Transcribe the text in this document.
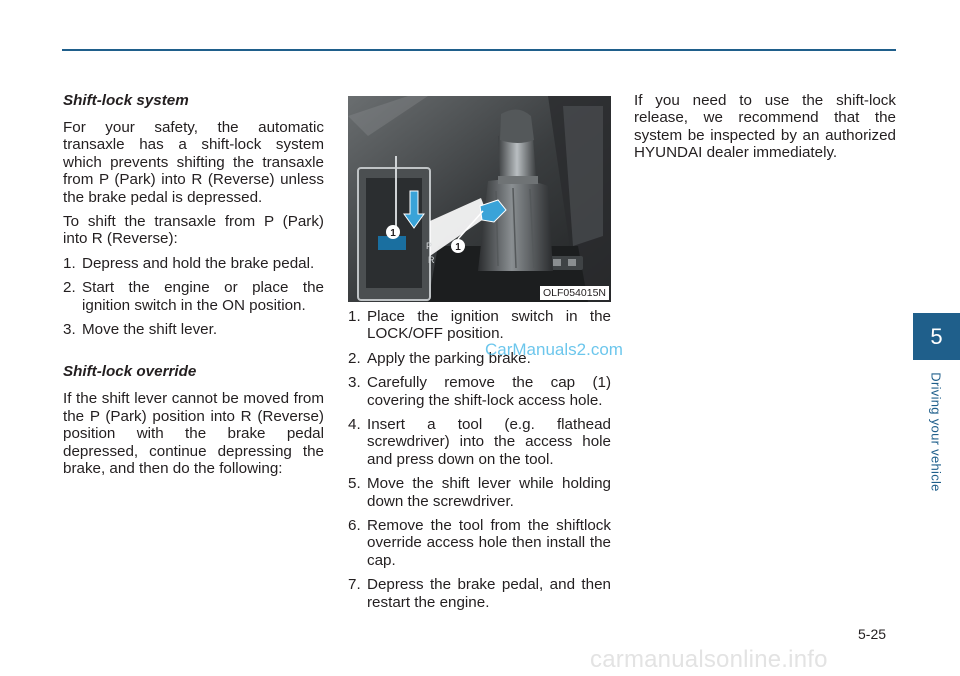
Shift-lock system

For your safety, the automatic transaxle has a shift-lock system which prevents shifting the transaxle from P (Park) into R (Reverse) unless the brake pedal is depressed.

To shift the transaxle from P (Park) into R (Reverse):

1. Depress and hold the brake pedal.
2. Start the engine or place the ignition switch in the ON position.
3. Move the shift lever.
Shift-lock override

If the shift lever cannot be moved from the P (Park) position into R (Reverse) position with the brake pedal depressed, continue depressing the brake, and then do the following:

1
1
P
R
OLF054015N
1. Place the ignition switch in the LOCK/OFF position.
2. Apply the parking brake.
3. Carefully remove the cap (1) covering the shift-lock access hole.
4. Insert a tool (e.g. flathead screwdriver) into the access hole and press down on the tool.
5. Move the shift lever while holding down the screwdriver.
6. Remove the tool from the shiftlock override access hole then install the cap.
7. Depress the brake pedal, and then restart the engine.

If you need to use the shift-lock release, we recommend that the system be inspected by an authorized HYUNDAI dealer immediately.

5
Driving your vehicle
5-25
CarManuals2.com
carmanualsonline.info
